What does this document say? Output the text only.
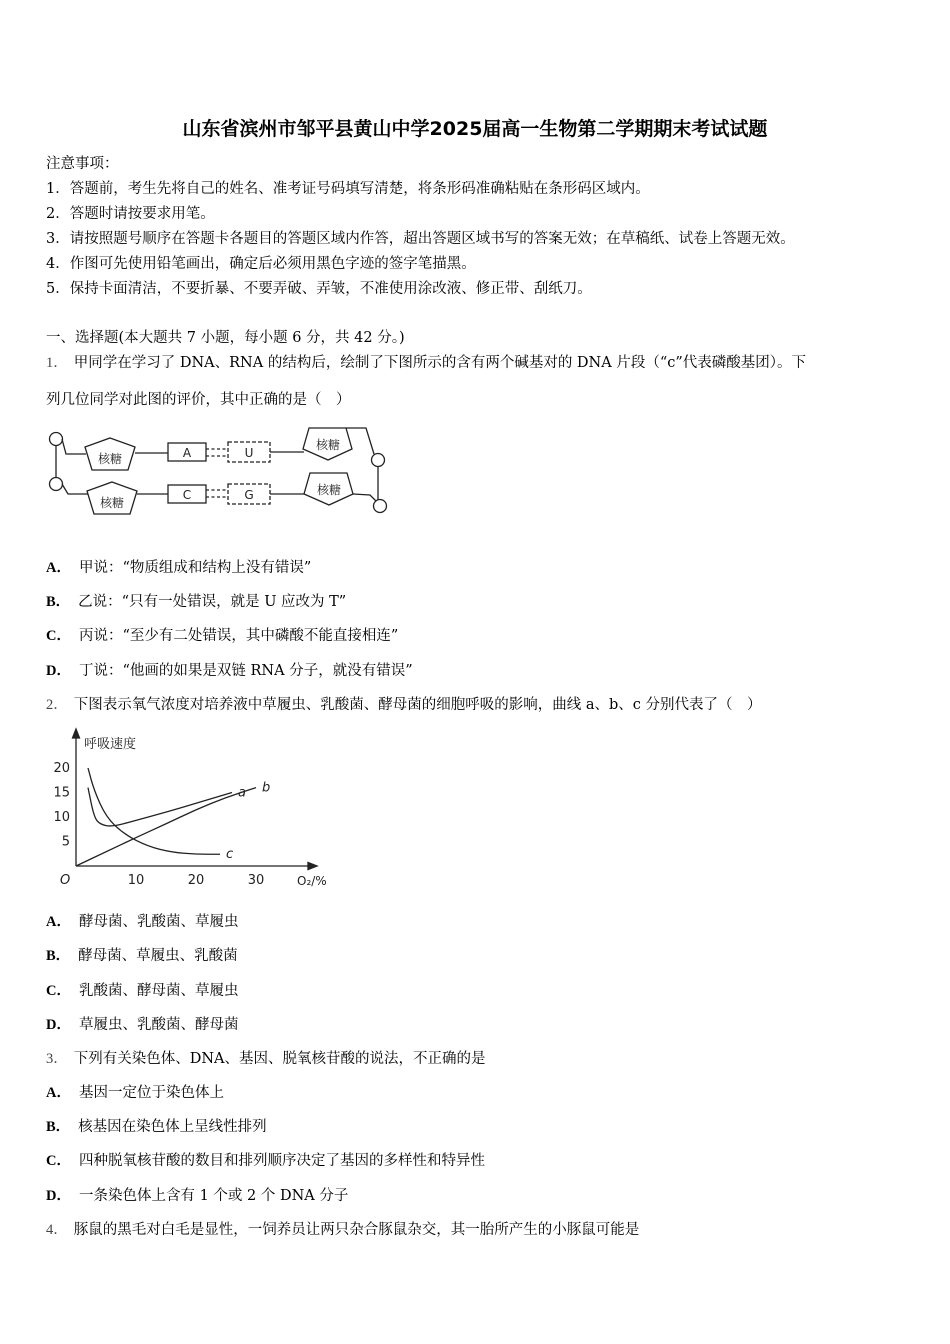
山东省滨州市邹平县黄山中学2025届高一生物第二学期期末考试试题
注意事项：
1．答题前，考生先将自己的姓名、准考证号码填写清楚，将条形码准确粘贴在条形码区域内。
2．答题时请按要求用笔。
3．请按照题号顺序在答题卡各题目的答题区域内作答，超出答题区域书写的答案无效；在草稿纸、试卷上答题无效。
4．作图可先使用铅笔画出，确定后必须用黑色字迹的签字笔描黑。
5．保持卡面清洁，不要折暴、不要弄破、弄皱，不准使用涂改液、修正带、刮纸刀。
一、选择题(本大题共 7 小题，每小题 6 分，共 42 分。)
1． 甲同学在学习了 DNA、RNA 的结构后，绘制了下图所示的含有两个碱基对的 DNA 片段（“c”代表磷酸基团）。下
列几位同学对此图的评价，其中正确的是（　）
核糖
核糖
核糖
核糖
A	U
C	G
A． 甲说：“物质组成和结构上没有错误”
B． 乙说：“只有一处错误，就是 U 应改为 T”
C． 丙说：“至少有二处错误，其中磷酸不能直接相连”
D． 丁说：“他画的如果是双链 RNA 分子，就没有错误”
2． 下图表示氧气浓度对培养液中草履虫、乳酸菌、酵母菌的细胞呼吸的影响，曲线 a、b、c 分别代表了（　）
5
10
15
20
10	20	30
a b
c
呼吸速度
O₂/%
O
A． 酵母菌、乳酸菌、草履虫
B． 酵母菌、草履虫、乳酸菌
C． 乳酸菌、酵母菌、草履虫
D． 草履虫、乳酸菌、酵母菌
3． 下列有关染色体、DNA、基因、脱氧核苷酸的说法，不正确的是
A． 基因一定位于染色体上
B． 核基因在染色体上呈线性排列
C． 四种脱氧核苷酸的数目和排列顺序决定了基因的多样性和特异性
D． 一条染色体上含有 1 个或 2 个 DNA 分子
4． 豚鼠的黑毛对白毛是显性，一饲养员让两只杂合豚鼠杂交，其一胎所产生的小豚鼠可能是
